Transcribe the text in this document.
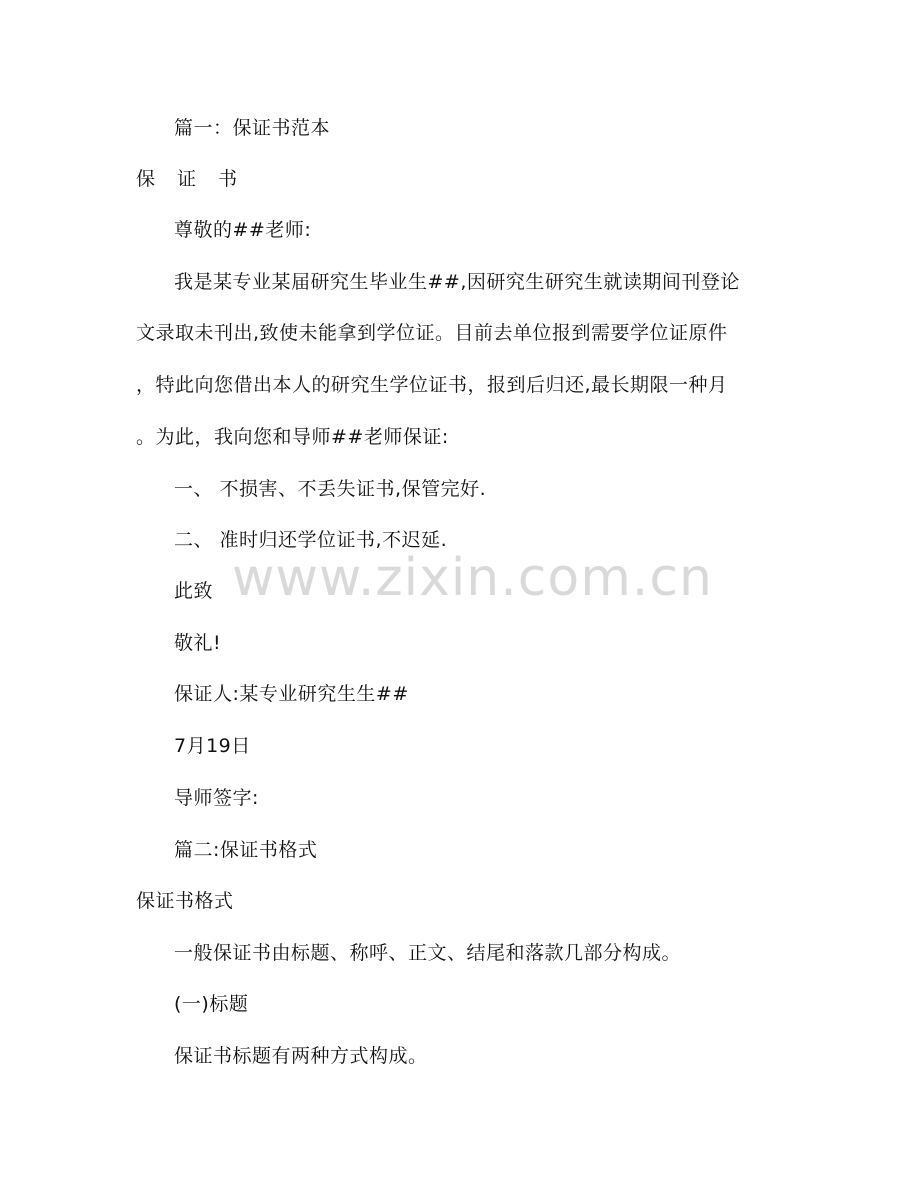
篇一：保证书范本
保 证 书
尊敬的##老师:
我是某专业某届研究生毕业生##,因研究生研究生就读期间刊登论
文录取未刊出,致使未能拿到学位证。目前去单位报到需要学位证原件
，特此向您借出本人的研究生学位证书，报到后归还,最长期限一种月
。为此，我向您和导师##老师保证:
一、 不损害、不丢失证书,保管完好.
二、 准时归还学位证书,不迟延.
此致
敬礼!
保证人:某专业研究生生##
7月19日
导师签字:
篇二:保证书格式
保证书格式
一般保证书由标题、称呼、正文、结尾和落款几部分构成。
(一)标题
保证书标题有两种方式构成。
www.zixin.com.cn
